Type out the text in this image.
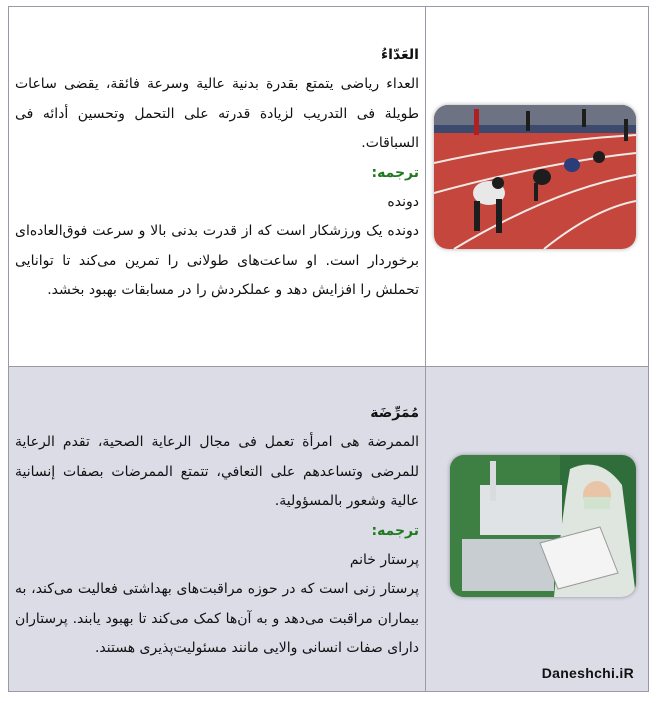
العَدّاءُ
العداء رياضی يتمتع بقدرة بدنية عالية وسرعة فائقة، يقضی ساعات طويلة فی التدريب لزيادة قدرته علی التحمل وتحسين أدائه فی السباقات.
ترجمه:
دونده
دونده یک ورزشکار است که از قدرت بدنی بالا و سرعت فوق‌العاده‌ای برخوردار است. او ساعت‌های طولانی را تمرین می‌کند تا توانایی تحملش را افزایش دهد و عملکردش را در مسابقات بهبود بخشد.
مُمَرِّضَة
الممرضة هی امرأة تعمل فی مجال الرعاية الصحية، تقدم الرعاية للمرضی وتساعدهم علی التعافي، تتمتع الممرضات بصفات إنسانية عالية وشعور بالمسؤولية.
ترجمه:
پرستار خانم
پرستار زنی است که در حوزه مراقبت‌های بهداشتی فعالیت می‌کند، به بیماران مراقبت می‌دهد و به آن‌ها کمک می‌کند تا بهبود یابند. پرستاران دارای صفات انسانی والایی مانند مسئولیت‌پذیری هستند.
Daneshchi.iR
